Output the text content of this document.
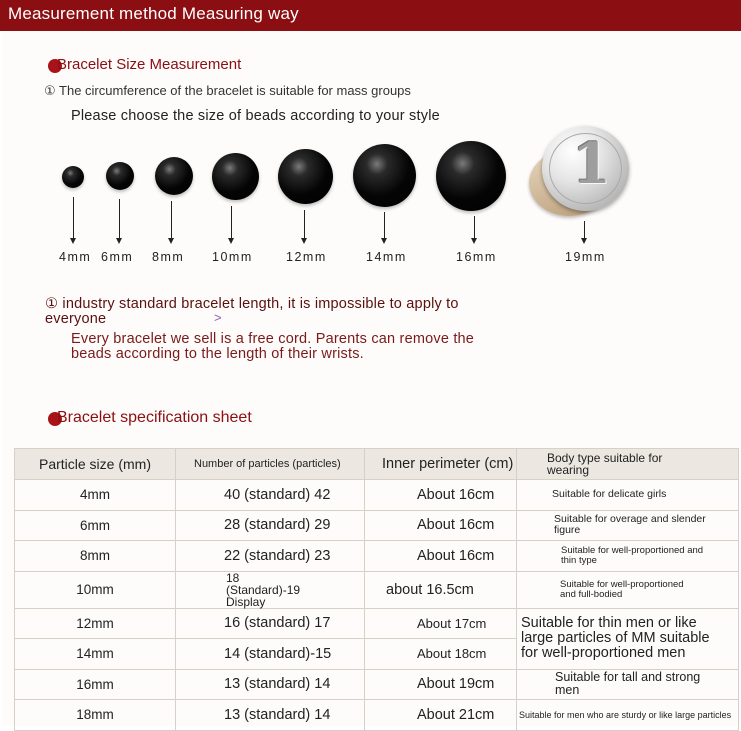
Measurement method Measuring way
Bracelet Size Measurement
① The circumference of the bracelet is suitable for mass groups
Please choose the size of beads according to your style
1
4mm 6mm 8mm 10mm	12mm	14mm	16mm	19mm
① industry standard bracelet length, it is impossible to apply to
everyone	>
Every bracelet we sell is a free cord. Parents can remove the
beads according to the length of their wrists.
Bracelet specification sheet
Particle size (mm)	Number of particles (particles)	Inner perimeter (cm)	Body type suitable for wearing
4mm	40 (standard) 42	About 16cm	Suitable for delicate girls
6mm	28 (standard) 29	About 16cm	Suitable for overage and slender figure
8mm	22 (standard) 23	About 16cm	Suitable for well-proportioned and thin type
10mm	18 (Standard)-19 Display	about 16.5cm	Suitable for well-proportioned and full-bodied
12mm	16 (standard) 17	About 17cm	Suitable for thin men or like large particles of MM suitable for well-proportioned men
14mm	14 (standard)-15	About 18cm	
16mm	13 (standard) 14	About 19cm	Suitable for tall and strong men
18mm	13 (standard) 14	About 21cm	Suitable for men who are sturdy or like large particles
